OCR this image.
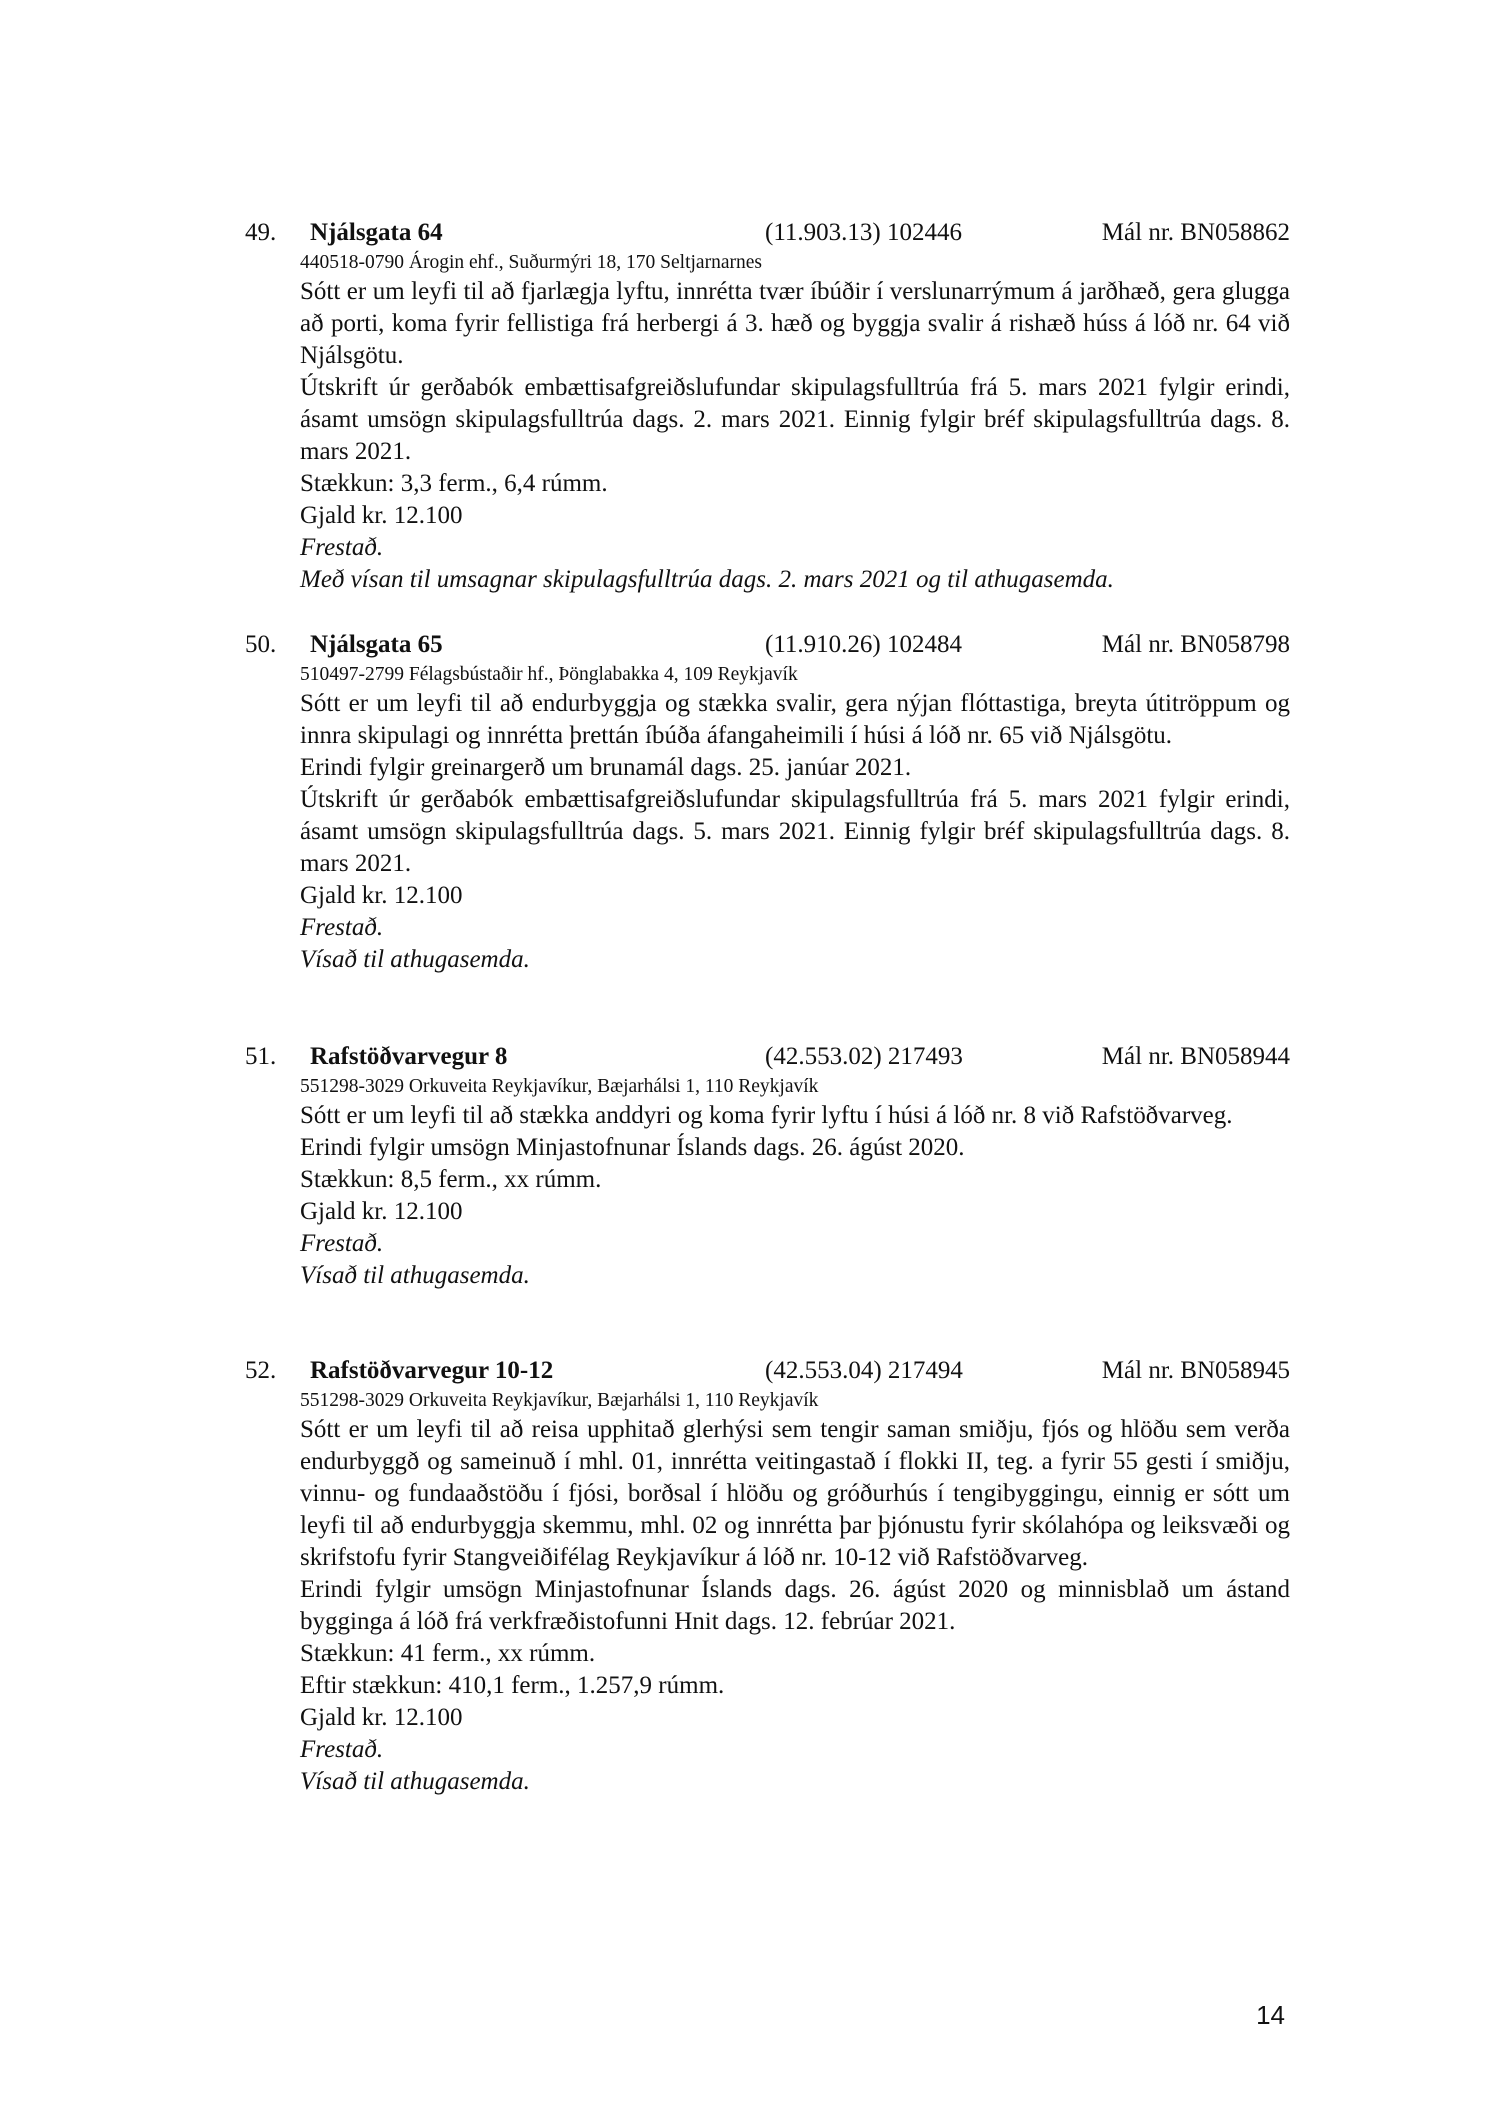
49. Njálsgata 64	(11.903.13) 102446	Mál nr. BN058862
440518-0790 Árogin ehf., Suðurmýri 18, 170 Seltjarnarnes

Sótt er um leyfi til að fjarlægja lyftu, innrétta tvær íbúðir í verslunarrýmum á jarðhæð, gera glugga að porti, koma fyrir fellistiga frá herbergi á 3. hæð og byggja svalir á rishæð húss á lóð nr. 64 við Njálsgötu.

Útskrift úr gerðabók embættisafgreiðslufundar skipulagsfulltrúa frá 5. mars 2021 fylgir erindi, ásamt umsögn skipulagsfulltrúa dags. 2. mars 2021. Einnig fylgir bréf skipulagsfulltrúa dags. 8. mars 2021.

Stækkun: 3,3 ferm., 6,4 rúmm.

Gjald kr. 12.100

Frestað.

Með vísan til umsagnar skipulagsfulltrúa dags. 2. mars 2021 og til athugasemda.

50. Njálsgata 65	(11.910.26) 102484	Mál nr. BN058798
510497-2799 Félagsbústaðir hf., Þönglabakka 4, 109 Reykjavík

Sótt er um leyfi til að endurbyggja og stækka svalir, gera nýjan flóttastiga, breyta útitröppum og innra skipulagi og innrétta þrettán íbúða áfangaheimili í húsi á lóð nr. 65 við Njálsgötu.

Erindi fylgir greinargerð um brunamál dags. 25. janúar 2021.

Útskrift úr gerðabók embættisafgreiðslufundar skipulagsfulltrúa frá 5. mars 2021 fylgir erindi, ásamt umsögn skipulagsfulltrúa dags. 5. mars 2021. Einnig fylgir bréf skipulagsfulltrúa dags. 8. mars 2021.

Gjald kr. 12.100

Frestað.

Vísað til athugasemda.

51. Rafstöðvarvegur 8	(42.553.02) 217493	Mál nr. BN058944
551298-3029 Orkuveita Reykjavíkur, Bæjarhálsi 1, 110 Reykjavík

Sótt er um leyfi til að stækka anddyri og koma fyrir lyftu í húsi á lóð nr. 8 við Rafstöðvarveg.

Erindi fylgir umsögn Minjastofnunar Íslands dags. 26. ágúst 2020.

Stækkun: 8,5 ferm., xx rúmm.

Gjald kr. 12.100

Frestað.

Vísað til athugasemda.

52. Rafstöðvarvegur 10-12	(42.553.04) 217494	Mál nr. BN058945
551298-3029 Orkuveita Reykjavíkur, Bæjarhálsi 1, 110 Reykjavík

Sótt er um leyfi til að reisa upphitað glerhýsi sem tengir saman smiðju, fjós og hlöðu sem verða endurbyggð og sameinuð í mhl. 01, innrétta veitingastað í flokki II, teg. a fyrir 55 gesti í smiðju, vinnu- og fundaaðstöðu í fjósi, borðsal í hlöðu og gróðurhús í tengibyggingu, einnig er sótt um leyfi til að endurbyggja skemmu, mhl. 02 og innrétta þar þjónustu fyrir skólahópa og leiksvæði og skrifstofu fyrir Stangveiðifélag Reykjavíkur á lóð nr. 10-12 við Rafstöðvarveg.

Erindi fylgir umsögn Minjastofnunar Íslands dags. 26. ágúst 2020 og minnisblað um ástand bygginga á lóð frá verkfræðistofunni Hnit dags. 12. febrúar 2021.

Stækkun: 41 ferm., xx rúmm.

Eftir stækkun: 410,1 ferm., 1.257,9 rúmm.

Gjald kr. 12.100

Frestað.

Vísað til athugasemda.

14
